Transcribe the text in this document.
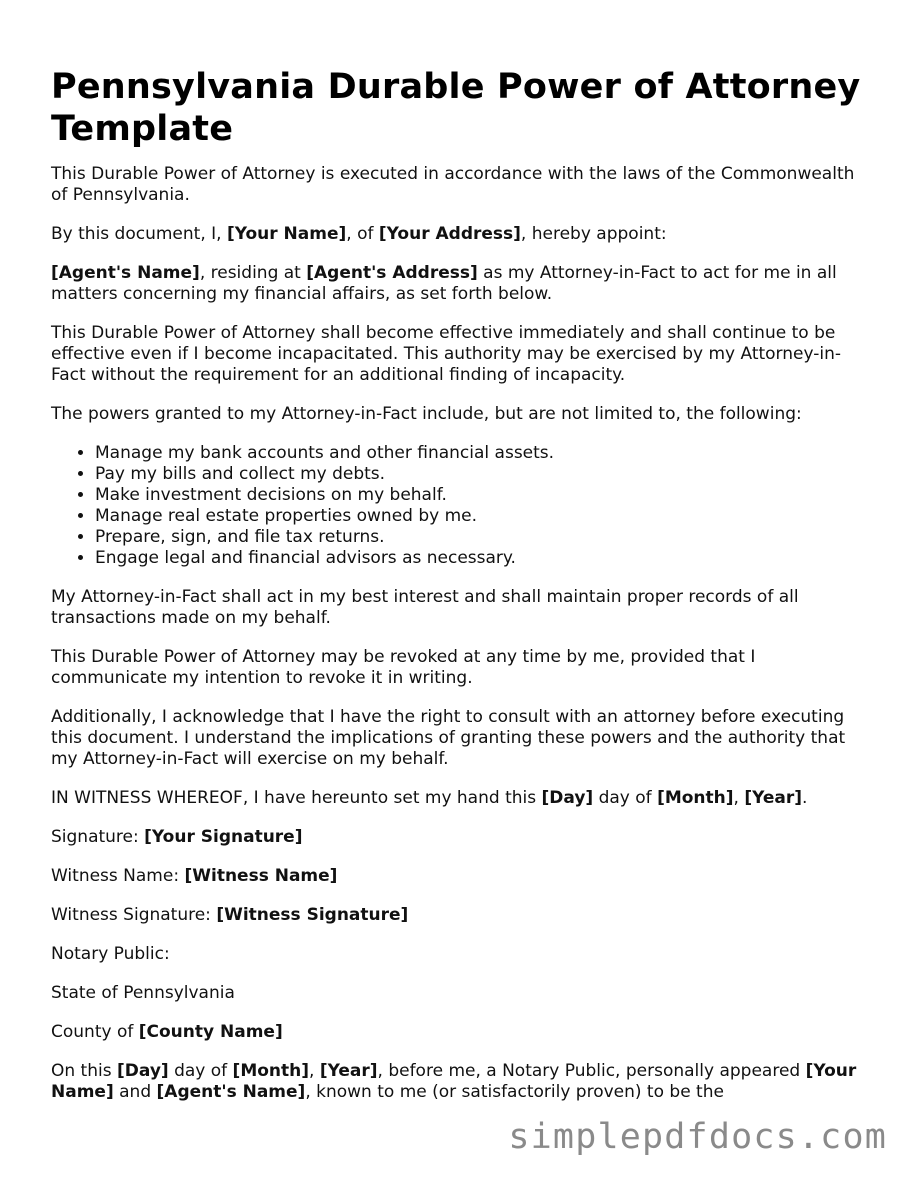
Pennsylvania Durable Power of Attorney Template

This Durable Power of Attorney is executed in accordance with the laws of the Commonwealth of Pennsylvania.

By this document, I, [Your Name], of [Your Address], hereby appoint:

[Agent's Name], residing at [Agent's Address] as my Attorney-in-Fact to act for me in all matters concerning my financial affairs, as set forth below.

This Durable Power of Attorney shall become effective immediately and shall continue to be effective even if I become incapacitated. This authority may be exercised by my Attorney-in-Fact without the requirement for an additional finding of incapacity.

The powers granted to my Attorney-in-Fact include, but are not limited to, the following:

• Manage my bank accounts and other financial assets.
• Pay my bills and collect my debts.
• Make investment decisions on my behalf.
• Manage real estate properties owned by me.
• Prepare, sign, and file tax returns.
• Engage legal and financial advisors as necessary.

My Attorney-in-Fact shall act in my best interest and shall maintain proper records of all transactions made on my behalf.

This Durable Power of Attorney may be revoked at any time by me, provided that I communicate my intention to revoke it in writing.

Additionally, I acknowledge that I have the right to consult with an attorney before executing this document. I understand the implications of granting these powers and the authority that my Attorney-in-Fact will exercise on my behalf.

IN WITNESS WHEREOF, I have hereunto set my hand this [Day] day of [Month], [Year].

Signature: [Your Signature]

Witness Name: [Witness Name]

Witness Signature: [Witness Signature]

Notary Public:

State of Pennsylvania

County of [County Name]

On this [Day] day of [Month], [Year], before me, a Notary Public, personally appeared [Your Name] and [Agent's Name], known to me (or satisfactorily proven) to be the

simplepdfdocs.com
